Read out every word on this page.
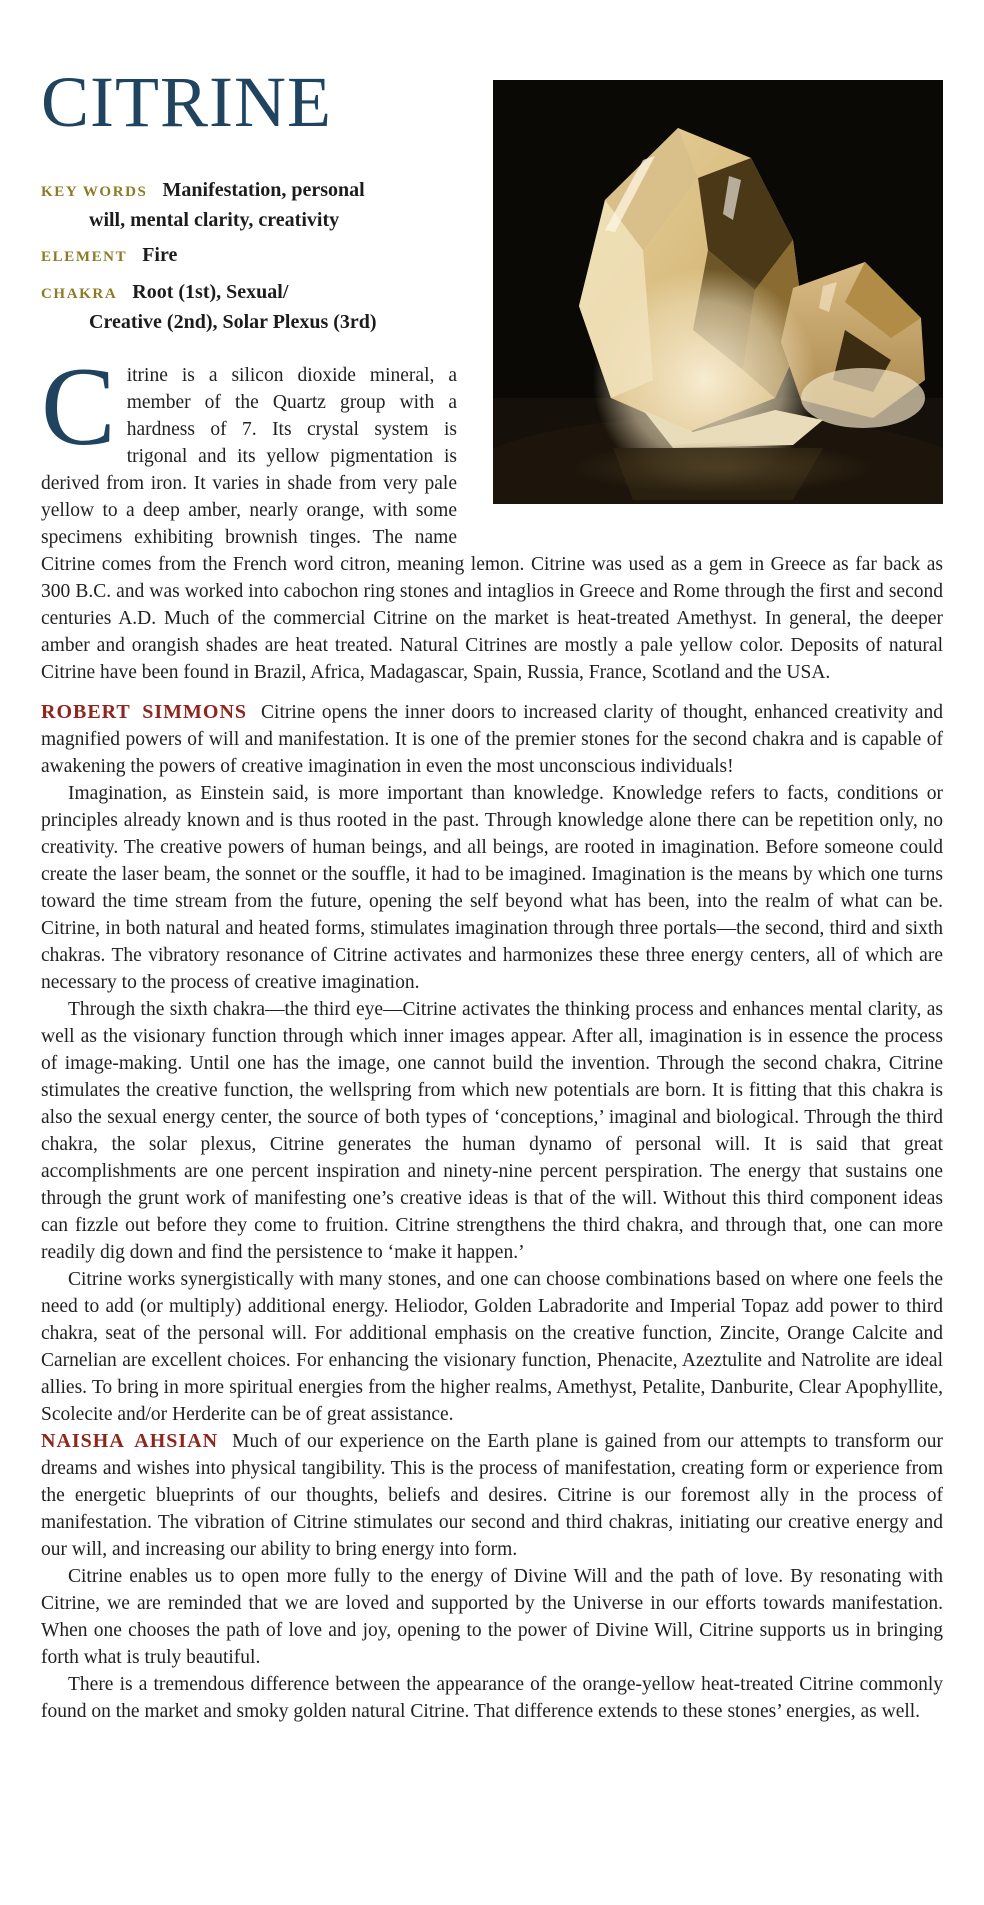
CITRINE
KEY WORDS Manifestation, personal
will, mental clarity, creativity
ELEMENT Fire
CHAKRA Root (1st), Sexual/
Creative (2nd), Solar Plexus (3rd)

Citrine is a silicon dioxide mineral, a member of the Quartz group with a hardness of 7. Its crystal system is trigonal and its yellow pigmentation is derived from iron. It varies in shade from very pale yellow to a deep amber, nearly orange, with some specimens exhibiting brownish tinges. The name Citrine comes from the French word citron, meaning lemon. Citrine was used as a gem in Greece as far back as 300 B.C. and was worked into cabochon ring stones and intaglios in Greece and Rome through the first and second centuries A.D. Much of the commercial Citrine on the market is heat-treated Amethyst. In general, the deeper amber and orangish shades are heat treated. Natural Citrines are mostly a pale yellow color. Deposits of natural Citrine have been found in Brazil, Africa, Madagascar, Spain, Russia, France, Scotland and the USA.

ROBERT SIMMONS Citrine opens the inner doors to increased clarity of thought, enhanced creativity and magnified powers of will and manifestation. It is one of the premier stones for the second chakra and is capable of awakening the powers of creative imagination in even the most unconscious individuals!

Imagination, as Einstein said, is more important than knowledge. Knowledge refers to facts, conditions or principles already known and is thus rooted in the past. Through knowledge alone there can be repetition only, no creativity. The creative powers of human beings, and all beings, are rooted in imagination. Before someone could create the laser beam, the sonnet or the souffle, it had to be imagined. Imagination is the means by which one turns toward the time stream from the future, opening the self beyond what has been, into the realm of what can be. Citrine, in both natural and heated forms, stimulates imagination through three portals—the second, third and sixth chakras. The vibratory resonance of Citrine activates and harmonizes these three energy centers, all of which are necessary to the process of creative imagination.

Through the sixth chakra—the third eye—Citrine activates the thinking process and enhances mental clarity, as well as the visionary function through which inner images appear. After all, imagination is in essence the process of image-making. Until one has the image, one cannot build the invention. Through the second chakra, Citrine stimulates the creative function, the wellspring from which new potentials are born. It is fitting that this chakra is also the sexual energy center, the source of both types of ‘conceptions,’ imaginal and biological. Through the third chakra, the solar plexus, Citrine generates the human dynamo of personal will. It is said that great accomplishments are one percent inspiration and ninety-nine percent perspiration. The energy that sustains one through the grunt work of manifesting one’s creative ideas is that of the will. Without this third component ideas can fizzle out before they come to fruition. Citrine strengthens the third chakra, and through that, one can more readily dig down and find the persistence to ‘make it happen.’

Citrine works synergistically with many stones, and one can choose combinations based on where one feels the need to add (or multiply) additional energy. Heliodor, Golden Labradorite and Imperial Topaz add power to third chakra, seat of the personal will. For additional emphasis on the creative function, Zincite, Orange Calcite and Carnelian are excellent choices. For enhancing the visionary function, Phenacite, Azeztulite and Natrolite are ideal allies. To bring in more spiritual energies from the higher realms, Amethyst, Petalite, Danburite, Clear Apophyllite, Scolecite and/or Herderite can be of great assistance.

NAISHA AHSIAN Much of our experience on the Earth plane is gained from our attempts to transform our dreams and wishes into physical tangibility. This is the process of manifestation, creating form or experience from the energetic blueprints of our thoughts, beliefs and desires. Citrine is our foremost ally in the process of manifestation. The vibration of Citrine stimulates our second and third chakras, initiating our creative energy and our will, and increasing our ability to bring energy into form.

Citrine enables us to open more fully to the energy of Divine Will and the path of love. By resonating with Citrine, we are reminded that we are loved and supported by the Universe in our efforts towards manifestation. When one chooses the path of love and joy, opening to the power of Divine Will, Citrine supports us in bringing forth what is truly beautiful.

There is a tremendous difference between the appearance of the orange-yellow heat-treated Citrine commonly found on the market and smoky golden natural Citrine. That difference extends to these stones’ energies, as well.
